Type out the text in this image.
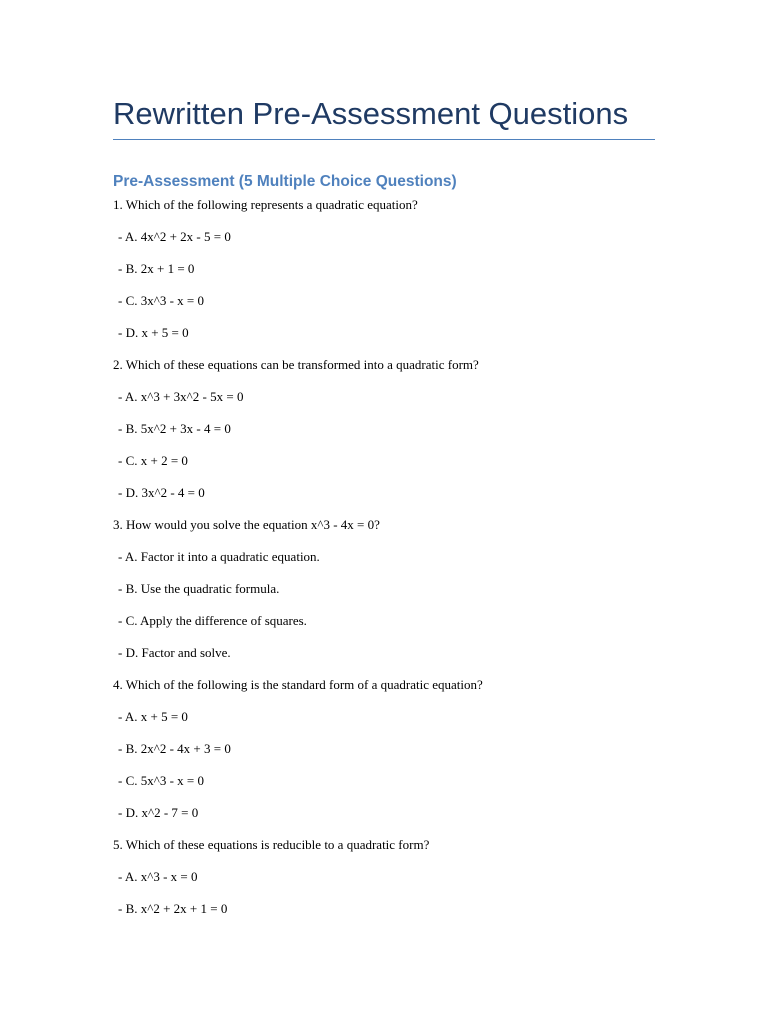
Rewritten Pre-Assessment Questions
Pre-Assessment (5 Multiple Choice Questions)
1. Which of the following represents a quadratic equation?
- A. 4x^2 + 2x - 5 = 0
- B. 2x + 1 = 0
- C. 3x^3 - x = 0
- D. x + 5 = 0
2. Which of these equations can be transformed into a quadratic form?
- A. x^3 + 3x^2 - 5x = 0
- B. 5x^2 + 3x - 4 = 0
- C. x + 2 = 0
- D. 3x^2 - 4 = 0
3. How would you solve the equation x^3 - 4x = 0?
- A. Factor it into a quadratic equation.
- B. Use the quadratic formula.
- C. Apply the difference of squares.
- D. Factor and solve.
4. Which of the following is the standard form of a quadratic equation?
- A. x + 5 = 0
- B. 2x^2 - 4x + 3 = 0
- C. 5x^3 - x = 0
- D. x^2 - 7 = 0
5. Which of these equations is reducible to a quadratic form?
- A. x^3 - x = 0
- B. x^2 + 2x + 1 = 0
